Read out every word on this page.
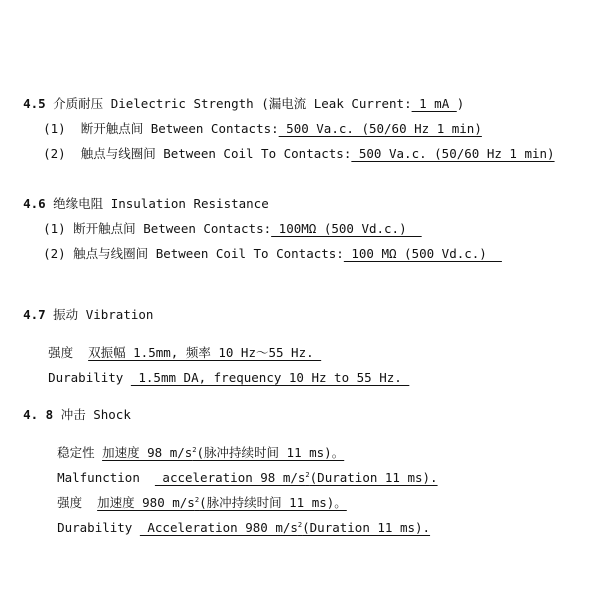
4.5 介质耐压 Dielectric Strength (漏电流 Leak Current: 1 mA )

(1)  断开触点间 Between Contacts: 500 Va.c. (50/60 Hz 1 min)

(2)  触点与线圈间 Between Coil To Contacts: 500 Va.c. (50/60 Hz 1 min)

4.6 绝缘电阻 Insulation Resistance

(1) 断开触点间 Between Contacts: 100MΩ (500 Vd.c.)

(2) 触点与线圈间 Between Coil To Contacts: 100 MΩ (500 Vd.c.)

4.7 振动 Vibration

强度  双振幅 1.5mm, 频率 10 Hz～55 Hz.

Durability  1.5mm DA, frequency 10 Hz to 55 Hz.

4. 8 冲击 Shock

稳定性 加速度 98 $m/s^2$(脉冲持续时间 11 ms)。

Malfunction   acceleration 98 $m/s^2(Duration$ 11 ms).

强度  加速度 980 $m/s^2$(脉冲持续时间 11 ms)。

Durability  Acceleration 980 $m/s^2(Duration$ 11 ms).
